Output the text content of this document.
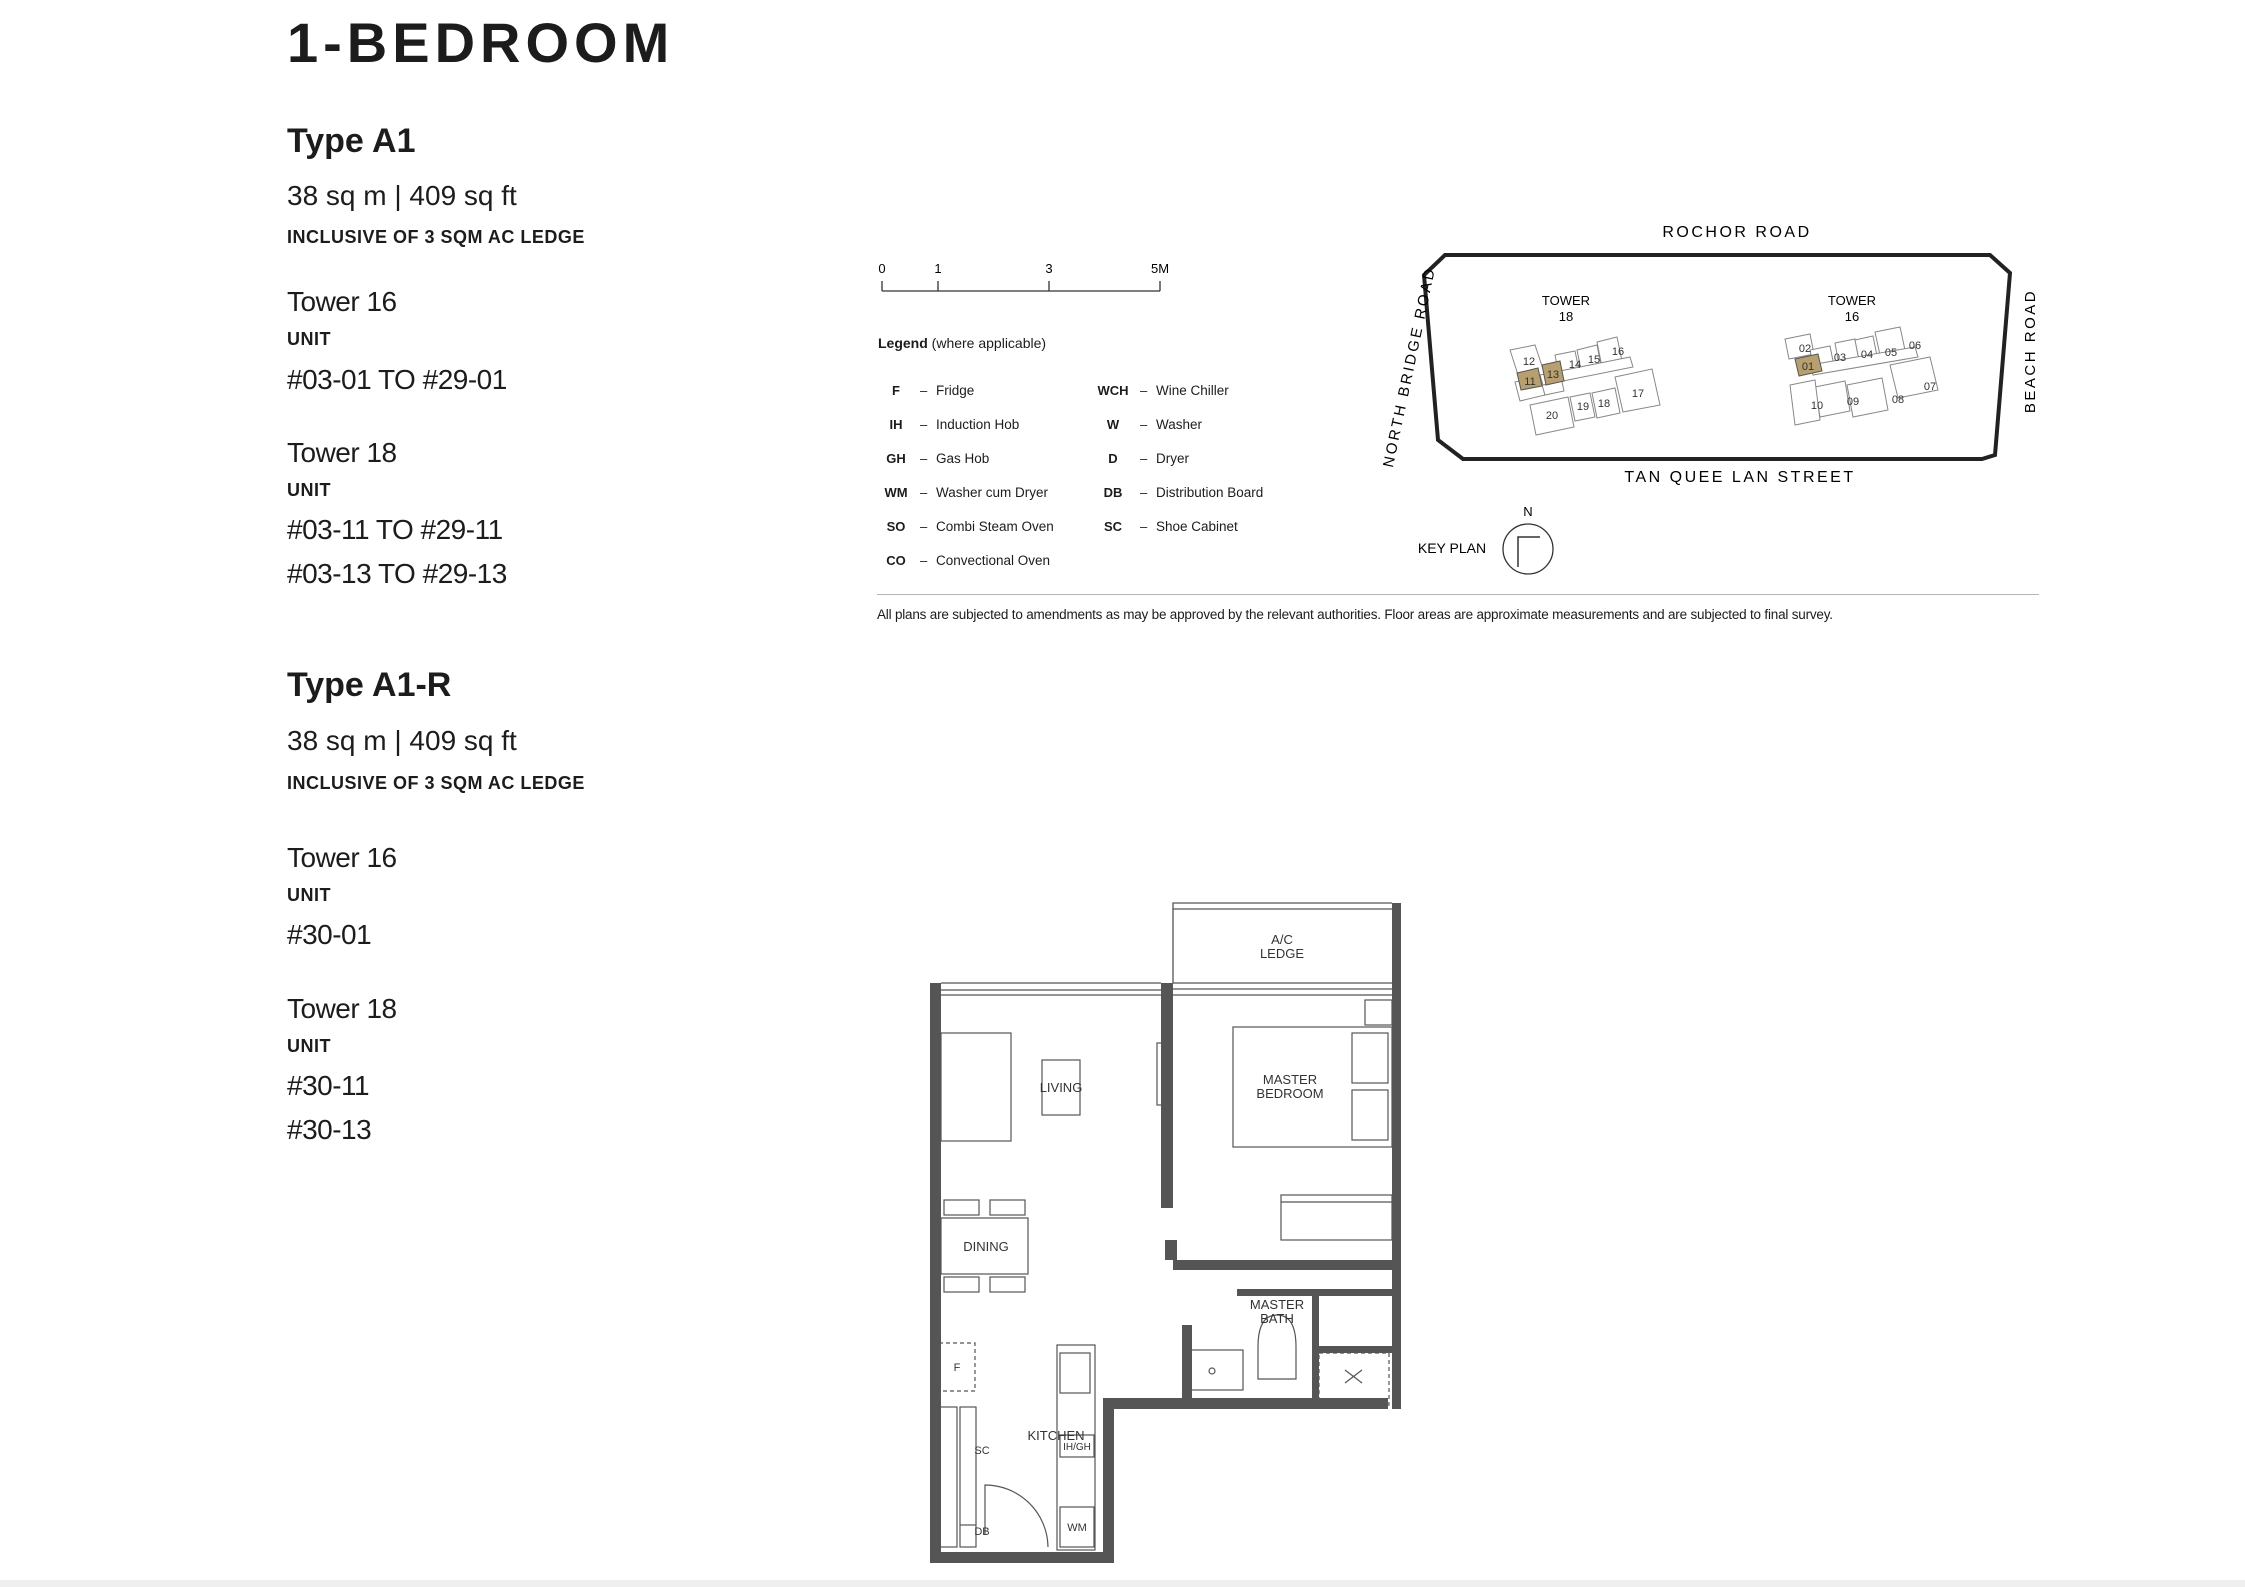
1-BEDROOM
Type A1
38 sq m | 409 sq ft
INCLUSIVE OF 3 SQM AC LEDGE
Tower 16
UNIT
#03-01 TO #29-01
Tower 18
UNIT
#03-11 TO #29-11
#03-13 TO #29-13
Type A1-R
38 sq m | 409 sq ft
INCLUSIVE OF 3 SQM AC LEDGE
Tower 16
UNIT
#30-01
Tower 18
UNIT
#30-11
#30-13
0	1	3	5M
Legend (where applicable)
F	– Fridge
IH	– Induction Hob
GH	– Gas Hob
WM – Washer cum Dryer
SO	– Combi Steam Oven
CO	– Convectional Oven
WCH – Wine Chiller
W	– Washer
D	– Dryer
DB	– Distribution Board
SC	– Shoe Cabinet
ROCHOR ROAD
TAN QUEE LAN STREET
NORTH BRIDGE ROAD	BEACH ROAD
TOWER
18
12
11
13
14 15
16
17
18
19
20
TOWER
16
02
01
03 04 05
06
07
08
09
10
N
KEY PLAN
All plans are subjected to amendments as may be approved by the relevant authorities. Floor areas are approximate measurements and are subjected to final survey.
A/C
LEDGE
LIVING
MASTER
BEDROOM
DINING
MASTER
BATH
KITCHEN
F
SC
DB
IH/GH
WM
